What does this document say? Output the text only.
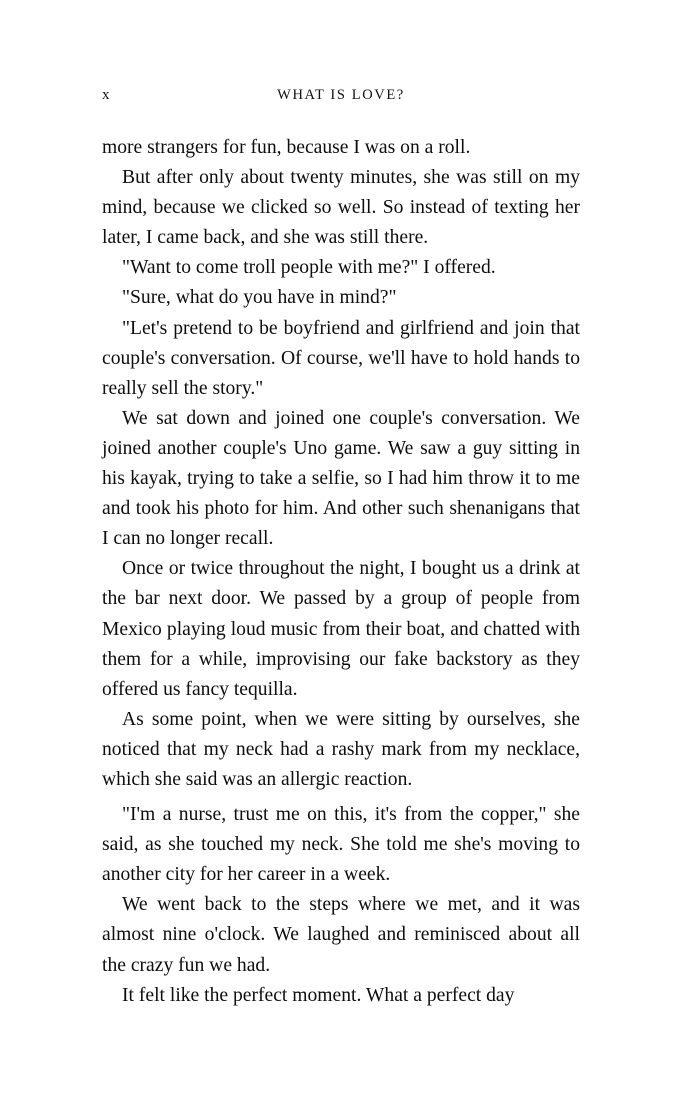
x	WHAT IS LOVE?

more strangers for fun, because I was on a roll.

But after only about twenty minutes, she was still on my mind, because we clicked so well. So instead of texting her later, I came back, and she was still there.

"Want to come troll people with me?" I offered.

"Sure, what do you have in mind?"

"Let's pretend to be boyfriend and girlfriend and join that couple's conversation. Of course, we'll have to hold hands to really sell the story."

We sat down and joined one couple's conversation. We joined another couple's Uno game. We saw a guy sitting in his kayak, trying to take a selfie, so I had him throw it to me and took his photo for him. And other such shenanigans that I can no longer recall.

Once or twice throughout the night, I bought us a drink at the bar next door. We passed by a group of people from Mexico playing loud music from their boat, and chatted with them for a while, improvising our fake backstory as they offered us fancy tequilla.

As some point, when we were sitting by ourselves, she noticed that my neck had a rashy mark from my necklace, which she said was an allergic reaction.

"I'm a nurse, trust me on this, it's from the copper," she said, as she touched my neck. She told me she's moving to another city for her career in a week.

We went back to the steps where we met, and it was almost nine o'clock. We laughed and reminisced about all the crazy fun we had.

It felt like the perfect moment. What a perfect day
